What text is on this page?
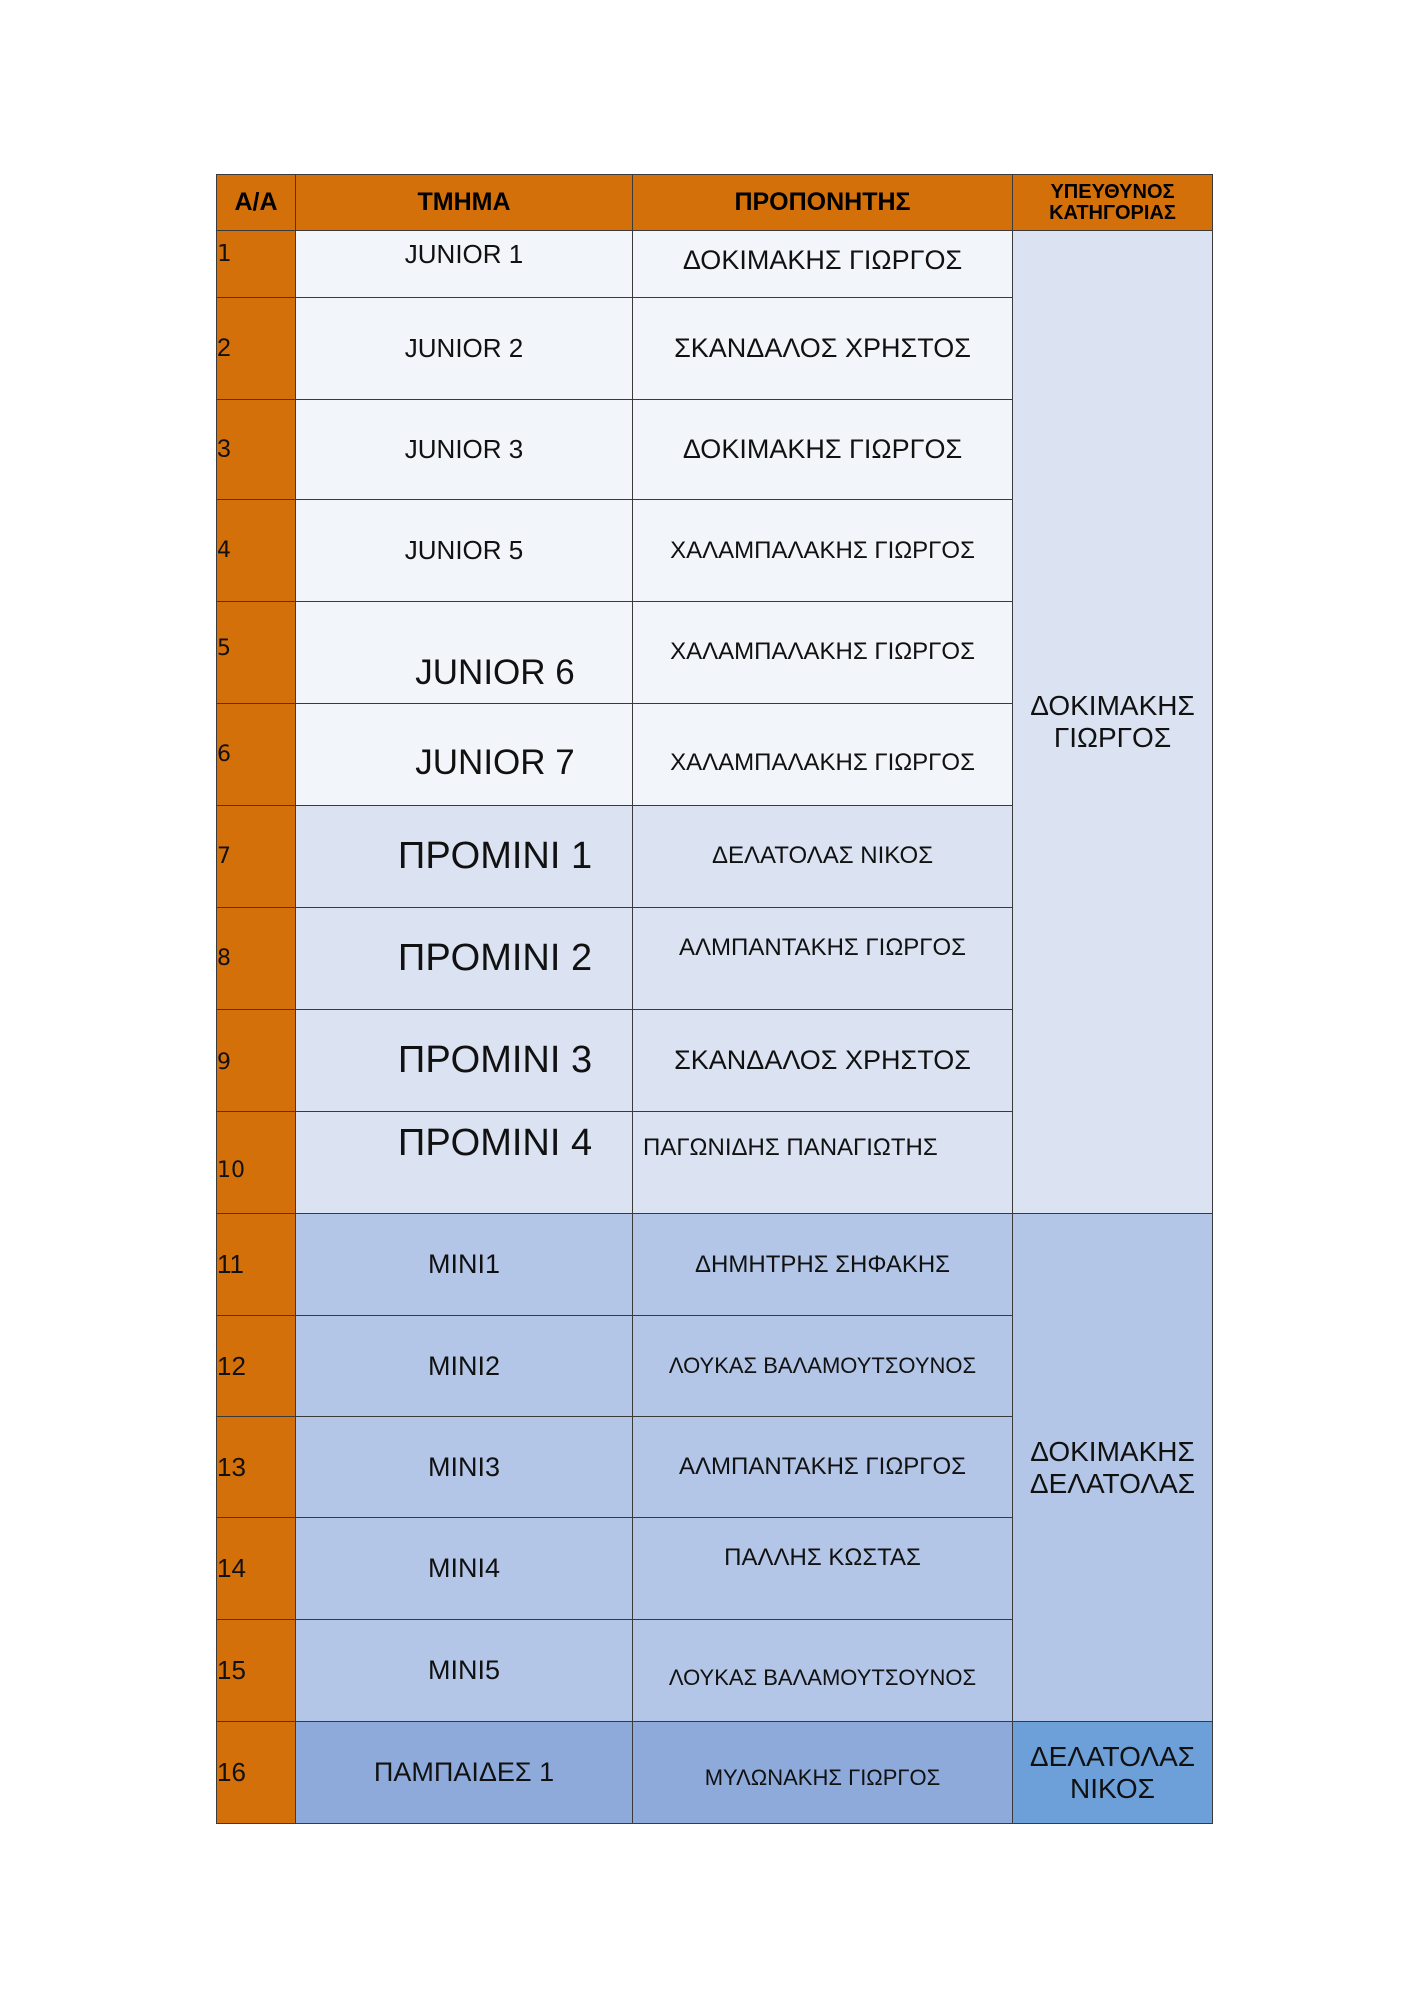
Α/Α	ΤΜΗΜΑ	ΠΡΟΠΟΝΗΤΗΣ	ΥΠΕΥΘΥΝΟΣ ΚΑΤΗΓΟΡΙΑΣ
1	JUNIOR 1	ΔΟΚΙΜΑΚΗΣ ΓΙΩΡΓΟΣ	ΔΟΚΙΜΑΚΗΣ
ΓΙΩΡΓΟΣ

2	JUNIOR 2	ΣΚΑΝΔΑΛΟΣ ΧΡΗΣΤΟΣ	
3	JUNIOR 3	ΔΟΚΙΜΑΚΗΣ ΓΙΩΡΓΟΣ	
4	JUNIOR 5	ΧΑΛΑΜΠΑΛΑΚΗΣ ΓΙΩΡΓΟΣ	
5	JUNIOR 6	ΧΑΛΑΜΠΑΛΑΚΗΣ ΓΙΩΡΓΟΣ	
6	JUNIOR 7	ΧΑΛΑΜΠΑΛΑΚΗΣ ΓΙΩΡΓΟΣ	
7	ΠΡΟΜΙΝΙ 1	ΔΕΛΑΤΟΛΑΣ ΝΙΚΟΣ	
8	ΠΡΟΜΙΝΙ 2	ΑΛΜΠΑΝΤΑΚΗΣ ΓΙΩΡΓΟΣ	
9	ΠΡΟΜΙΝΙ 3	ΣΚΑΝΔΑΛΟΣ ΧΡΗΣΤΟΣ	
10	ΠΡΟΜΙΝΙ 4	ΠΑΓΩΝΙΔΗΣ ΠΑΝΑΓΙΩΤΗΣ	
11	MINI1	ΔΗΜΗΤΡΗΣ ΣΗΦΑΚΗΣ	ΔΟΚΙΜΑΚΗΣ
ΔΕΛΑΤΟΛΑΣ

12	MINI2	ΛΟΥΚΑΣ ΒΑΛΑΜΟΥΤΣΟΥΝΟΣ	
13	MINI3	ΑΛΜΠΑΝΤΑΚΗΣ ΓΙΩΡΓΟΣ	
14	MINI4	ΠΑΛΛΗΣ ΚΩΣΤΑΣ	
15	MINI5	ΛΟΥΚΑΣ ΒΑΛΑΜΟΥΤΣΟΥΝΟΣ	
16	ΠΑΜΠΑΙΔΕΣ 1	ΜΥΛΩΝΑΚΗΣ ΓΙΩΡΓΟΣ	ΔΕΛΑΤΟΛΑΣ
ΝΙΚΟΣ
